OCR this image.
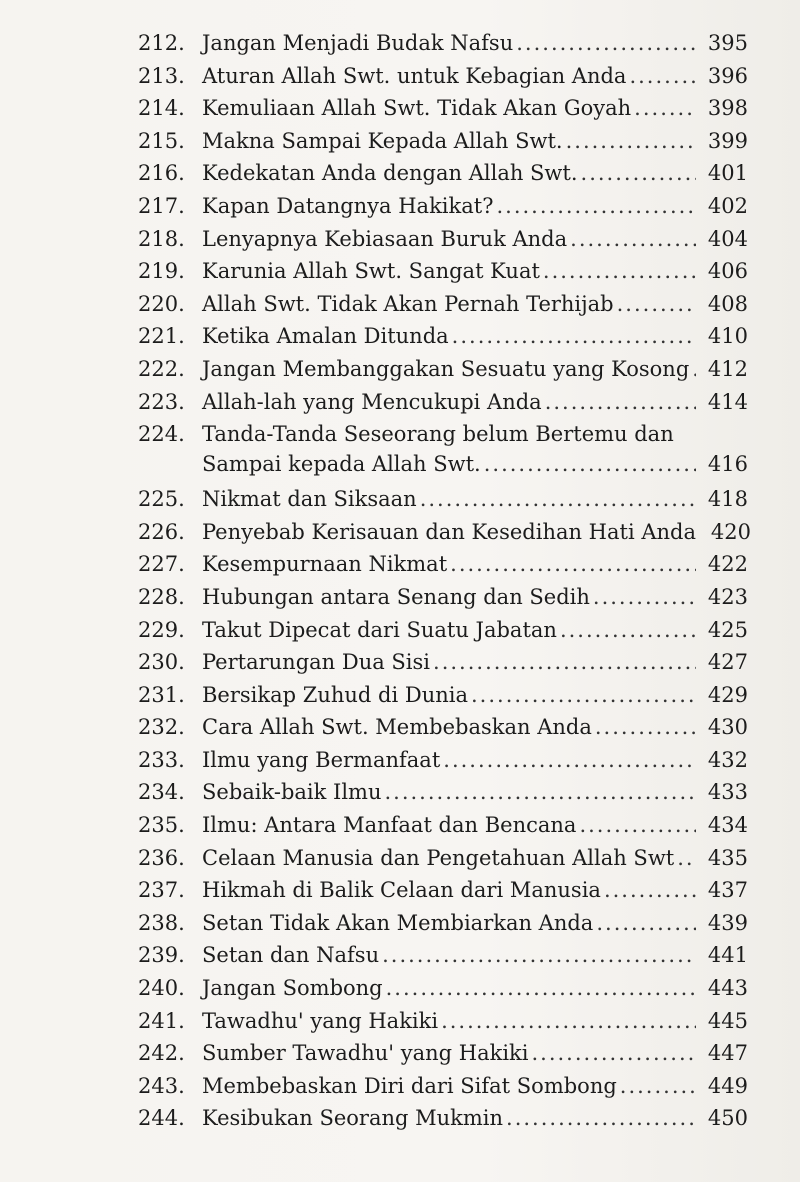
212. Jangan Menjadi Budak Nafsu .....	395
213. Aturan Allah Swt. untuk Kebagian Anda .....	396
214. Kemuliaan Allah Swt. Tidak Akan Goyah .....	398
215. Makna Sampai Kepada Allah Swt. .....	399
216. Kedekatan Anda dengan Allah Swt. .....	401
217. Kapan Datangnya Hakikat? .....	402
218. Lenyapnya Kebiasaan Buruk Anda .....	404
219. Karunia Allah Swt. Sangat Kuat .....	406
220. Allah Swt. Tidak Akan Pernah Terhijab .....	408
221. Ketika Amalan Ditunda .....	410
222. Jangan Membanggakan Sesuatu yang Kosong ..... 412
223. Allah-lah yang Mencukupi Anda .....	414
224. Tanda-Tanda Seseorang belum Bertemu dan
Sampai kepada Allah Swt. .....	416
225. Nikmat dan Siksaan .....	418
226. Penyebab Kerisauan dan Kesedihan Hati Anda 420
227. Kesempurnaan Nikmat .....	422
228. Hubungan antara Senang dan Sedih .....	423
229. Takut Dipecat dari Suatu Jabatan .....	425
230. Pertarungan Dua Sisi .....	427
231. Bersikap Zuhud di Dunia .....	429
232. Cara Allah Swt. Membebaskan Anda .....	430
233. Ilmu yang Bermanfaat .....	432
234. Sebaik-baik Ilmu .....	433
235. Ilmu: Antara Manfaat dan Bencana .....	434
236. Celaan Manusia dan Pengetahuan Allah Swt ..... 435
237. Hikmah di Balik Celaan dari Manusia .....	437
238. Setan Tidak Akan Membiarkan Anda .....	439
239. Setan dan Nafsu .....	441
240. Jangan Sombong .....	443
241. Tawadhu' yang Hakiki .....	445
242. Sumber Tawadhu' yang Hakiki .....	447
243. Membebaskan Diri dari Sifat Sombong .....	449
244. Kesibukan Seorang Mukmin .....	450
